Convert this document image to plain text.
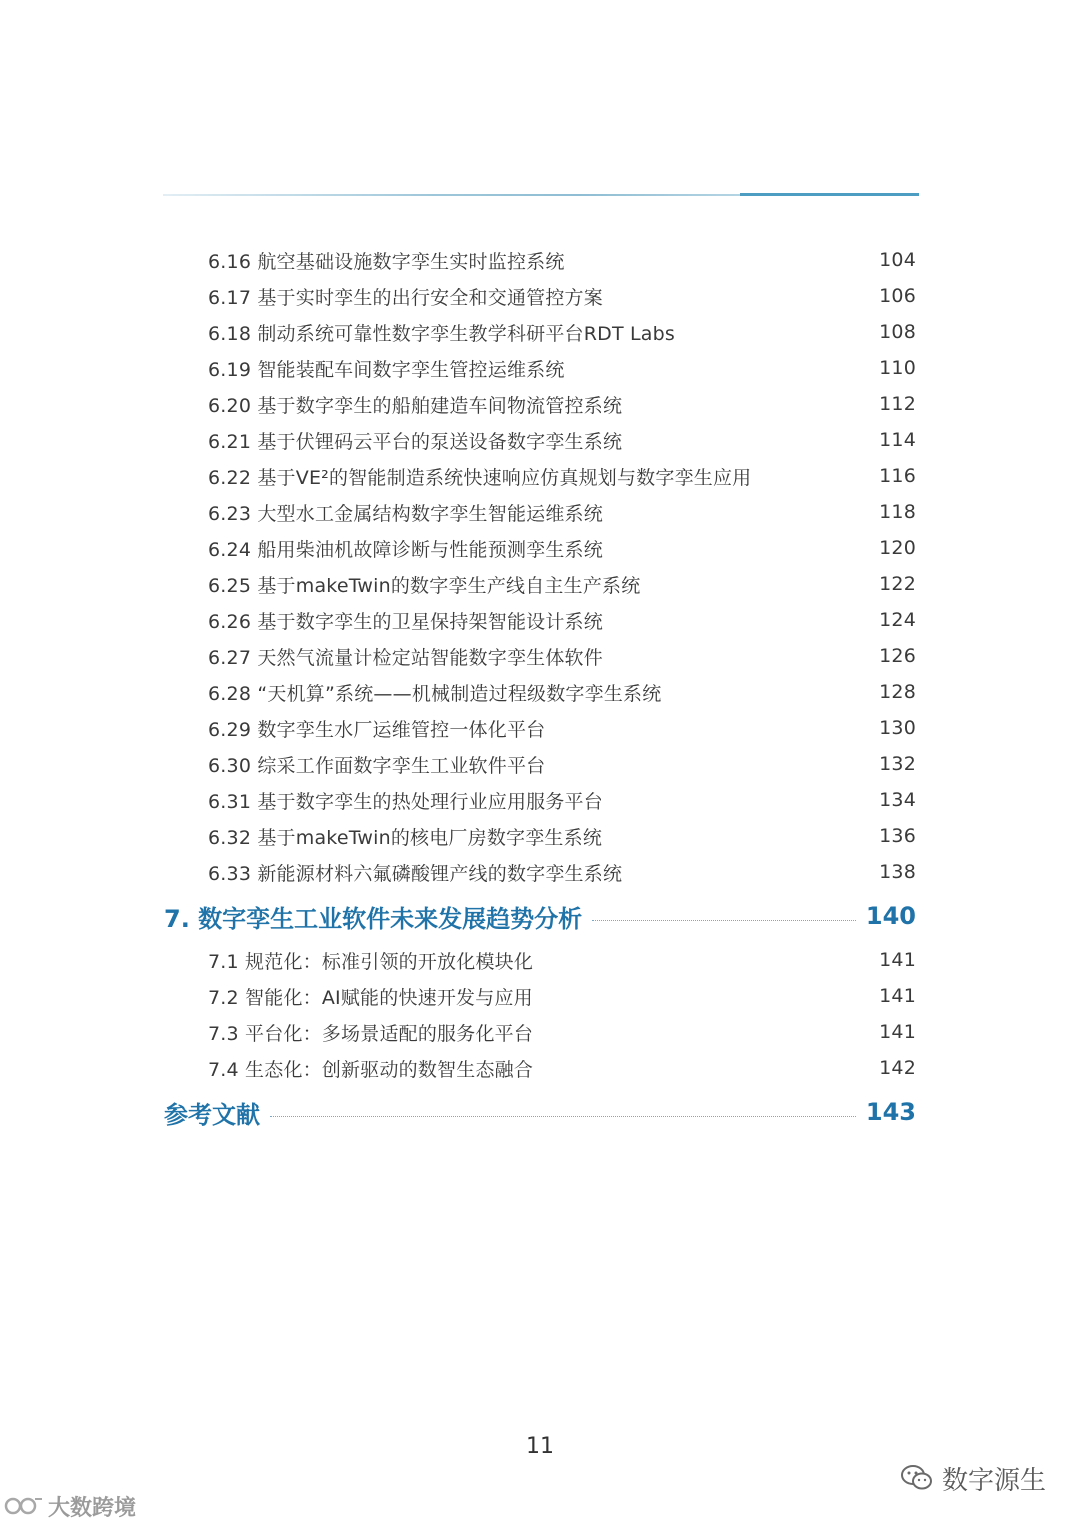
6.16 航空基础设施数字孪生实时监控系统	104
6.17 基于实时孪生的出行安全和交通管控方案	106
6.18 制动系统可靠性数字孪生教学科研平台RDT Labs	108
6.19 智能装配车间数字孪生管控运维系统	110
6.20 基于数字孪生的船舶建造车间物流管控系统	112
6.21 基于伏锂码云平台的泵送设备数字孪生系统	114
6.22 基于VE²的智能制造系统快速响应仿真规划与数字孪生应用	116
6.23 大型水工金属结构数字孪生智能运维系统	118
6.24 船用柴油机故障诊断与性能预测孪生系统	120
6.25 基于makeTwin的数字孪生产线自主生产系统	122
6.26 基于数字孪生的卫星保持架智能设计系统	124
6.27 天然气流量计检定站智能数字孪生体软件	126
6.28 “天机算”系统——机械制造过程级数字孪生系统	128
6.29 数字孪生水厂运维管控一体化平台	130
6.30 综采工作面数字孪生工业软件平台	132
6.31 基于数字孪生的热处理行业应用服务平台	134
6.32 基于makeTwin的核电厂房数字孪生系统	136
6.33 新能源材料六氟磷酸锂产线的数字孪生系统	138
7. 数字孪生工业软件未来发展趋势分析	140
7.1 规范化：标准引领的开放化模块化	141
7.2 智能化：AI赋能的快速开发与应用	141
7.3 平台化：多场景适配的服务化平台	141
7.4 生态化：创新驱动的数智生态融合	142
参考文献	143
11
数字源生
大数跨境
